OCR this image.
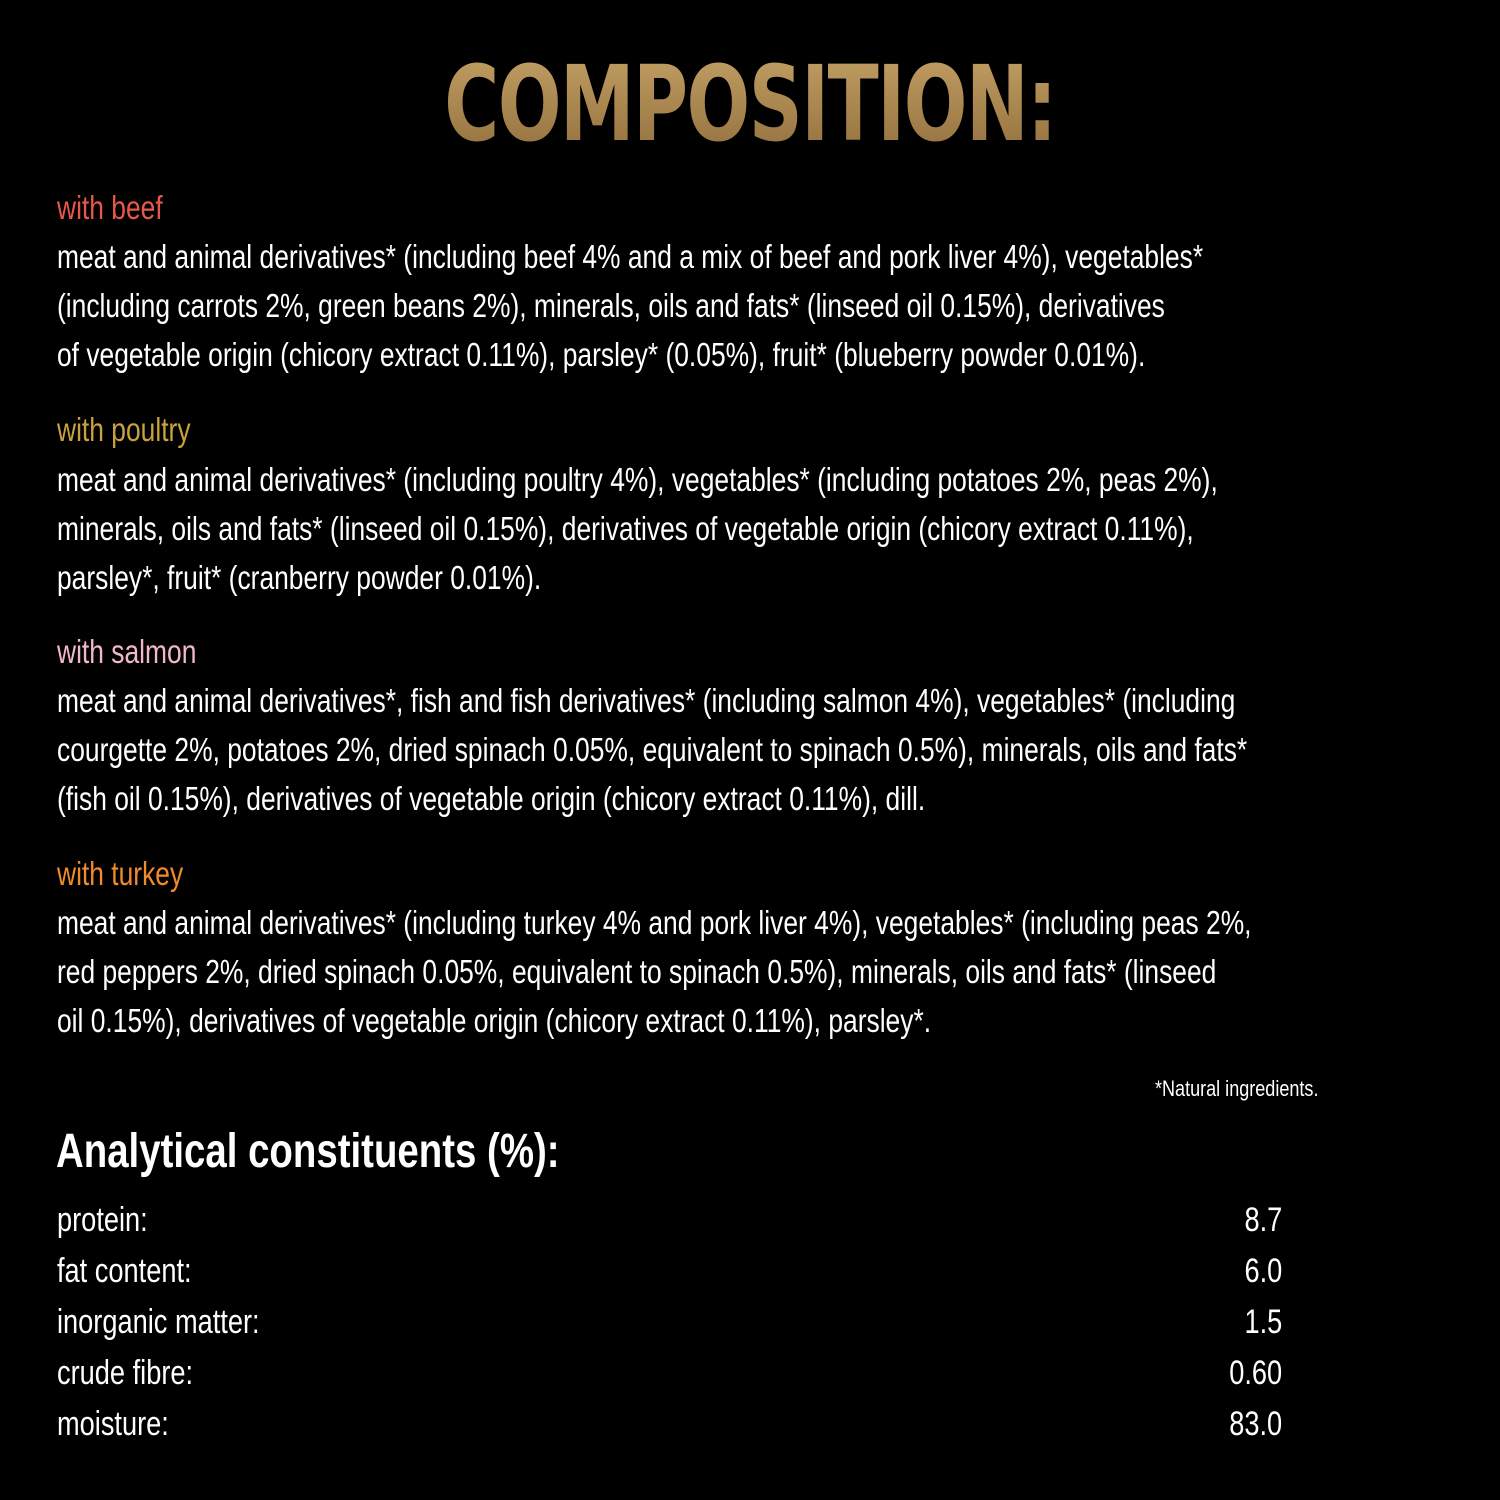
COMPOSITION:
with beef
meat and animal derivatives* (including beef 4% and a mix of beef and pork liver 4%), vegetables*
(including carrots 2%, green beans 2%), minerals, oils and fats* (linseed oil 0.15%), derivatives
of vegetable origin (chicory extract 0.11%), parsley* (0.05%), fruit* (blueberry powder 0.01%).
with poultry
meat and animal derivatives* (including poultry 4%), vegetables* (including potatoes 2%, peas 2%),
minerals, oils and fats* (linseed oil 0.15%), derivatives of vegetable origin (chicory extract 0.11%),
parsley*, fruit* (cranberry powder 0.01%).
with salmon
meat and animal derivatives*, fish and fish derivatives* (including salmon 4%), vegetables* (including
courgette 2%, potatoes 2%, dried spinach 0.05%, equivalent to spinach 0.5%), minerals, oils and fats*
(fish oil 0.15%), derivatives of vegetable origin (chicory extract 0.11%), dill.
with turkey
meat and animal derivatives* (including turkey 4% and pork liver 4%), vegetables* (including peas 2%,
red peppers 2%, dried spinach 0.05%, equivalent to spinach 0.5%), minerals, oils and fats* (linseed
oil 0.15%), derivatives of vegetable origin (chicory extract 0.11%), parsley*.
*Natural ingredients.
Analytical constituents (%):
protein:	8.7
fat content:	6.0
inorganic matter:	1.5
crude fibre:	0.60
moisture:	83.0
